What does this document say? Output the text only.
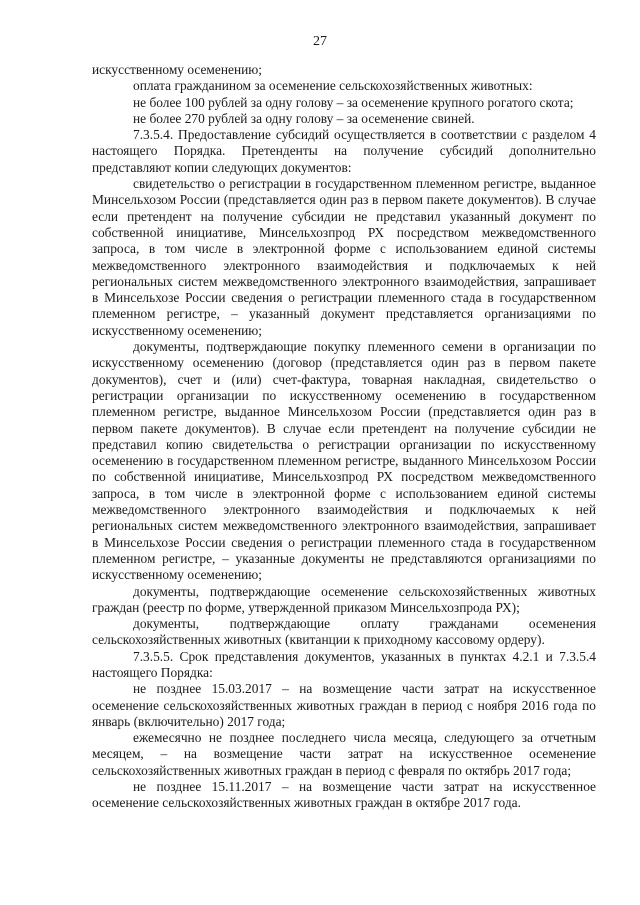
27

искусственному осеменению;

оплата гражданином за осеменение сельскохозяйственных животных:

не более 100 рублей за одну голову – за осеменение крупного рогатого скота;

не более 270 рублей за одну голову – за осеменение свиней.

7.3.5.4. Предоставление субсидий осуществляется в соответствии с разделом 4 настоящего Порядка. Претенденты на получение субсидий дополнительно представляют копии следующих документов:

свидетельство о регистрации в государственном племенном регистре, выданное Минсельхозом России (представляется один раз в первом пакете документов). В случае если претендент на получение субсидии не представил указанный документ по собственной инициативе, Минсельхозпрод РХ посредством межведомственного запроса, в том числе в электронной форме с использованием единой системы межведомственного электронного взаимодействия и подключаемых к ней региональных систем межведомственного электронного взаимодействия, запрашивает в Минсельхозе России сведения о регистрации племенного стада в государственном племенном регистре, – указанный документ представляется организациями по искусственному осеменению;

документы, подтверждающие покупку племенного семени в организации по искусственному осеменению (договор (представляется один раз в первом пакете документов), счет и (или) счет-фактура, товарная накладная, свидетельство о регистрации организации по искусственному осеменению в государственном племенном регистре, выданное Минсельхозом России (представляется один раз в первом пакете документов). В случае если претендент на получение субсидии не представил копию свидетельства о регистрации организации по искусственному осеменению в государственном племенном регистре, выданного Минсельхозом России по собственной инициативе, Минсельхозпрод РХ посредством межведомственного запроса, в том числе в электронной форме с использованием единой системы межведомственного электронного взаимодействия и подключаемых к ней региональных систем межведомственного электронного взаимодействия, запрашивает в Минсельхозе России сведения о регистрации племенного стада в государственном племенном регистре, – указанные документы не представляются организациями по искусственному осеменению;

документы, подтверждающие осеменение сельскохозяйственных животных граждан (реестр по форме, утвержденной приказом Минсельхозпрода РХ);

документы, подтверждающие оплату гражданами осеменения сельскохозяйственных животных (квитанции к приходному кассовому ордеру).

7.3.5.5. Срок представления документов, указанных в пунктах 4.2.1 и 7.3.5.4 настоящего Порядка:

не позднее 15.03.2017 – на возмещение части затрат на искусственное осеменение сельскохозяйственных животных граждан в период с ноября 2016 года по январь (включительно) 2017 года;

ежемесячно не позднее последнего числа месяца, следующего за отчетным месяцем, – на возмещение части затрат на искусственное осеменение сельскохозяйственных животных граждан в период с февраля по октябрь 2017 года;

не позднее 15.11.2017 – на возмещение части затрат на искусственное осеменение сельскохозяйственных животных граждан в октябре 2017 года.
